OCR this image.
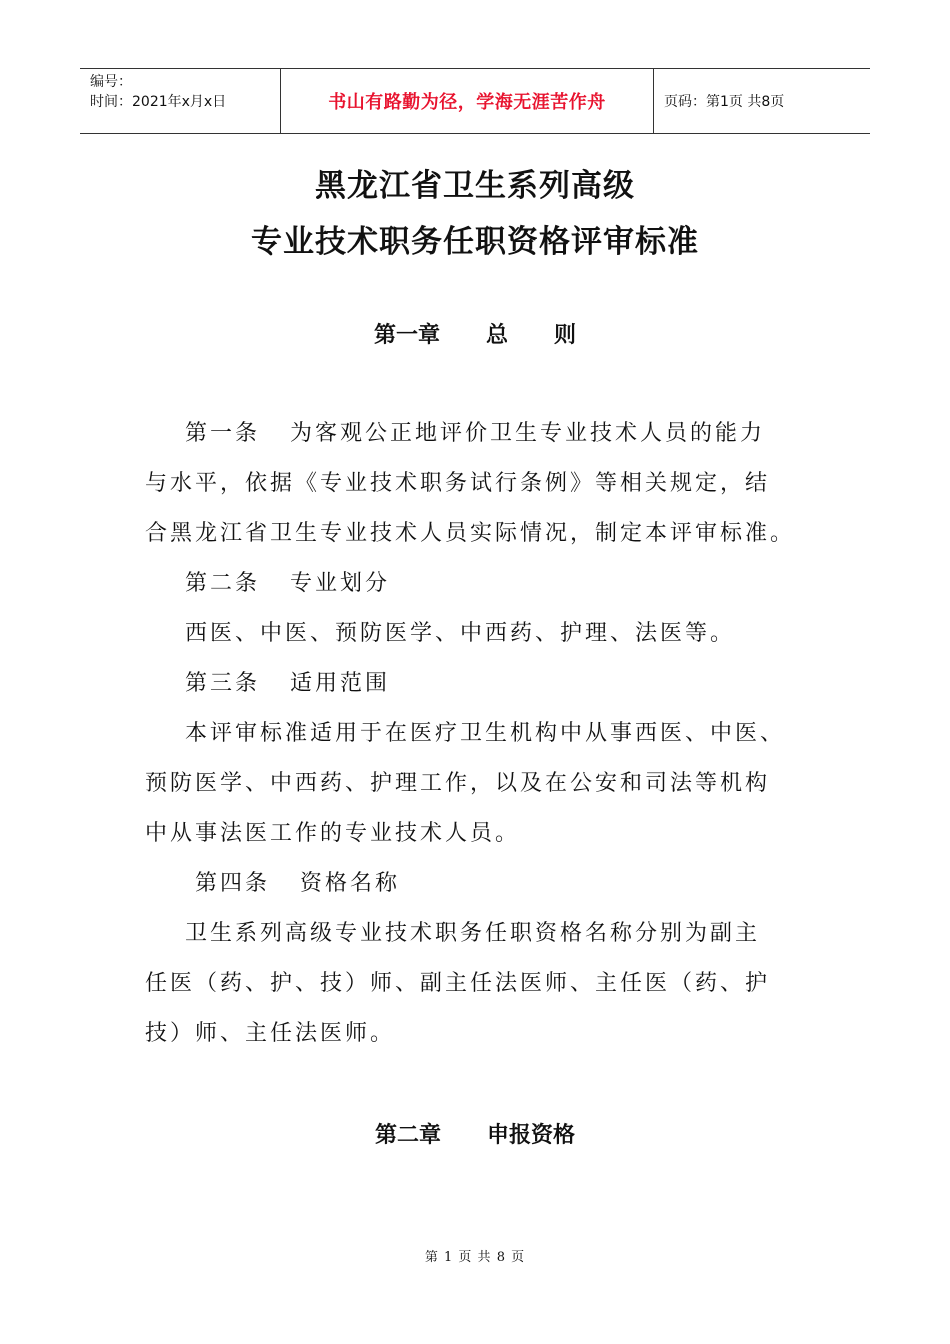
编号：
时间：2021年x月x日	书山有路勤为径，学海无涯苦作舟	页码：第1页 共8页
黑龙江省卫生系列高级
专业技术职务任职资格评审标准
第一章      总      则
第一条   为客观公正地评价卫生专业技术人员的能力
与水平，依据《专业技术职务试行条例》等相关规定，结
合黑龙江省卫生专业技术人员实际情况，制定本评审标准。
第二条   专业划分
西医、中医、预防医学、中西药、护理、法医等。
第三条   适用范围
本评审标准适用于在医疗卫生机构中从事西医、中医、
预防医学、中西药、护理工作，以及在公安和司法等机构
中从事法医工作的专业技术人员。
第四条   资格名称
卫生系列高级专业技术职务任职资格名称分别为副主
任医（药、护、技）师、副主任法医师、主任医（药、护
技）师、主任法医师。
第二章      申报资格
第 1 页 共 8 页
